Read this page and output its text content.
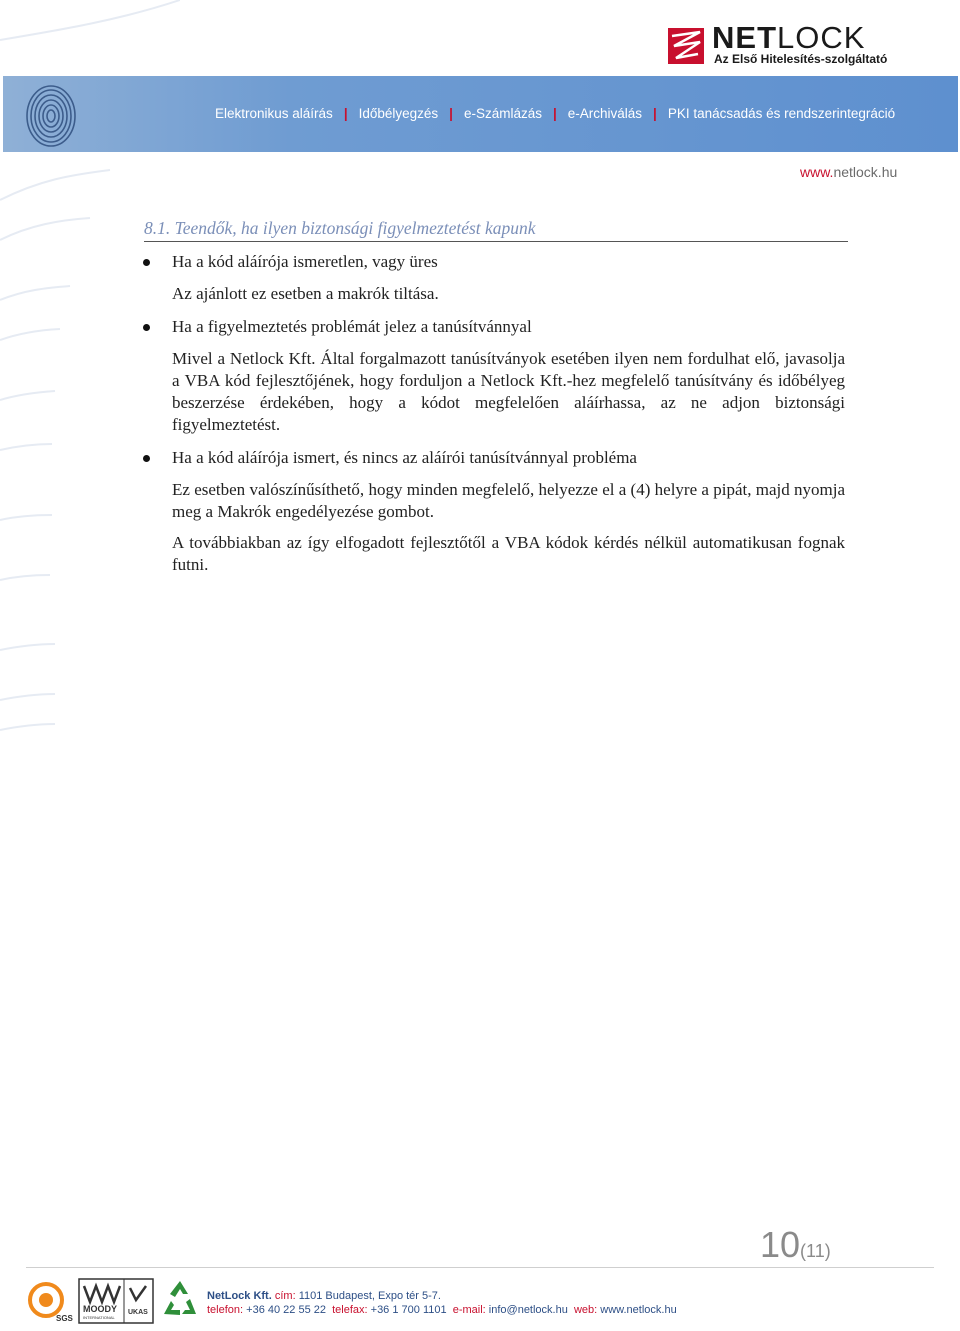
NETLOCK
Az Első Hitelesítés-szolgáltató
Elektronikus aláírás | Időbélyegzés | e-Számlázás | e-Archiválás | PKI tanácsadás és rendszerintegráció
www.netlock.hu
8.1. Teendők, ha ilyen biztonsági figyelmeztetést kapunk
Ha a kód aláírója ismeretlen, vagy üres
Az ajánlott ez esetben a makrók tiltása.
Ha a figyelmeztetés problémát jelez a tanúsítvánnyal
Mivel a Netlock Kft. Által forgalmazott tanúsítványok esetében ilyen nem fordulhat elő, javasolja a VBA kód fejlesztőjének, hogy forduljon a Netlock Kft.-hez megfelelő tanúsítvány és időbélyeg beszerzése érdekében, hogy a kódot megfelelően aláírhassa, az ne adjon biztonsági figyelmeztetést.
Ha a kód aláírója ismert, és nincs az aláírói tanúsítvánnyal probléma
Ez esetben valószínűsíthető, hogy minden megfelelő, helyezze el a (4) helyre a pipát, majd nyomja meg a Makrók engedélyezése gombot.
A továbbiakban az így elfogadott fejlesztőtől a VBA kódok kérdés nélkül automatikusan fognak futni.
10(11)
SGS
MOODY
INTERNATIONAL
UKAS
NetLock Kft. cím: 1101 Budapest, Expo tér 5-7.
telefon: +36 40 22 55 22 telefax: +36 1 700 1101 e-mail: info@netlock.hu web: www.netlock.hu
